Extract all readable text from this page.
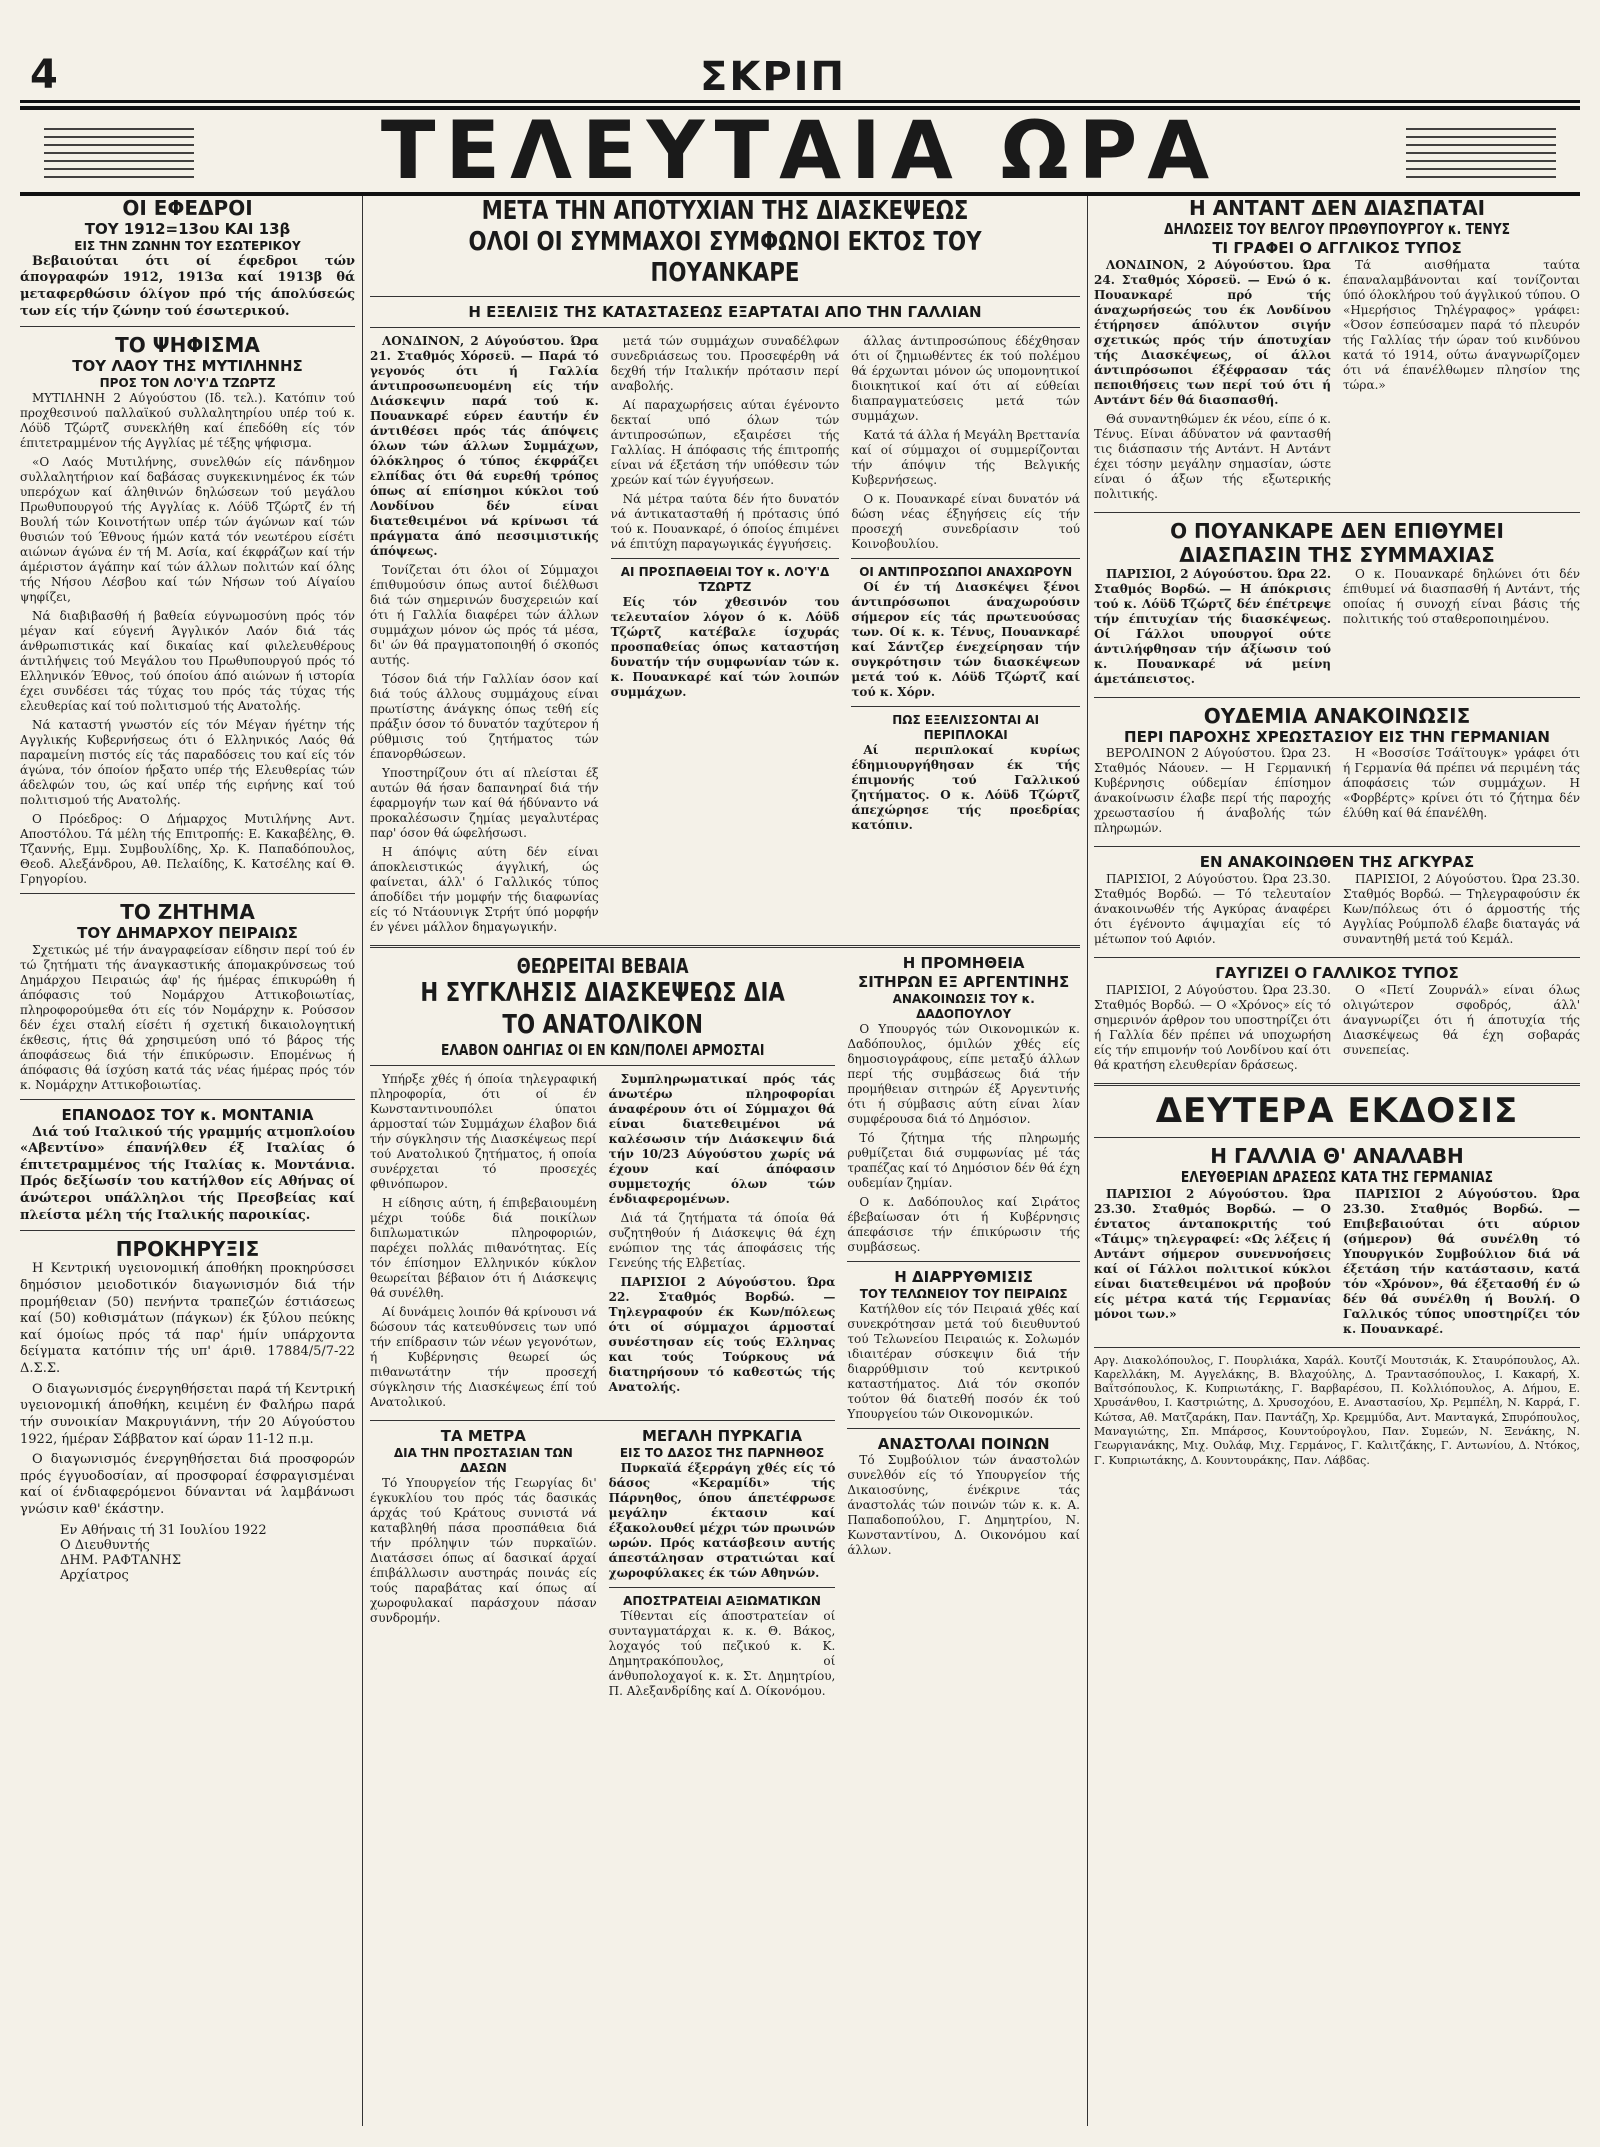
4	ΣΚΡΙΠ
ΤΕΛΕΥΤΑΙΑ ΩΡΑ
ΟΙ ΕΦΕΔΡΟΙ
ΤΟΥ 1912=13ου ΚΑΙ 13β
ΕΙΣ ΤΗΝ ΖΩΝΗΝ ΤΟΥ ΕΣΩΤΕΡΙΚΟΥ

Βεβαιούται ότι οί έφεδροι τών άπογραφών 1912, 1913α καί 1913β θά μεταφερθώσιν όλίγον πρό τής άπολύσεώς των είς τήν ζώνην τού έσωτερικού.

ΤΟ ΨΗΦΙΣΜΑ
ΤΟΥ ΛΑΟΥ ΤΗΣ ΜΥΤΙΛΗΝΗΣ
ΠΡΟΣ ΤΟΝ ΛΟ'Υ'Δ ΤΖΩΡΤΖ

ΜΥΤΙΛΗΝΗ 2 Αύγούστου (Ιδ. τελ.). Κατόπιν τού προχθεσινού παλλαϊκού συλλαλητηρίου υπέρ τού κ. Λόϋδ Τζώρτζ συνεκλήθη καί έπεδόθη είς τόν έπιτετραμμένον τής Αγγλίας μέ τέξης ψήφισμα.

«Ο Λαός Μυτιλήνης, συνελθών είς πάνδημον συλλαλητήριον καί δαβάσας συγκεκινημένος έκ τών υπερόχων καί άληθινών δηλώσεων τού μεγάλου Πρωθυπουργού τής Αγγλίας κ. Λόϋδ Τζώρτζ έν τή Βουλή τών Κοινοτήτων υπέρ τών άγώνων καί τών θυσιών τού Έθνους ήμών κατά τόν νεωτέρου είσέτι αιώνων άγώνα έν τή Μ. Ασία, καί έκφράζων καί τήν άμέριστον άγάπην καί τών άλλων πολιτών καί όλης τής Νήσου Λέσβου καί τών Νήσων τού Αίγαίου ψηφίζει,

Νά διαβιβασθή ή βαθεία εύγνωμοσύνη πρός τόν μέγαν καί εύγενή Άγγλικόν Λαόν διά τάς άνθρωπιστικάς καί δικαίας καί φιλελευθέρους άντιλήψεις τού Μεγάλου του Πρωθυπουργού πρός τό Ελληνικόν Έθνος, τού όποίου άπό αιώνων ή ιστορία έχει συνδέσει τάς τύχας του πρός τάς τύχας τής ελευθερίας καί τού πολιτισμού τής Ανατολής.

Νά καταστή γνωστόν είς τόν Μέγαν ήγέτην τής Αγγλικής Κυβερνήσεως ότι ό Ελληνικός Λαός θά παραμείνη πιστός είς τάς παραδόσεις του καί είς τόν άγώνα, τόν όποίον ήρξατο υπέρ τής Ελευθερίας τών άδελφών του, ώς καί υπέρ τής ειρήνης καί τού πολιτισμού τής Ανατολής.

Ο Πρόεδρος: Ο Δήμαρχος Μυτιλήνης Αντ. Αποστόλου. Τά μέλη τής Επιτροπής: Ε. Κακαβέλης, Θ. Τζαννής, Εμμ. Συμβουλίδης, Χρ. Κ. Παπαδόπουλος, Θεοδ. Αλεξάνδρου, Αθ. Πελαίδης, Κ. Κατσέλης καί Θ. Γρηγορίου.

ΤΟ ΖΗΤΗΜΑ
ΤΟΥ ΔΗΜΑΡΧΟΥ ΠΕΙΡΑΙΩΣ

Σχετικώς μέ τήν άναγραφείσαν είδησιν περί τού έν τώ ζητήματι τής άναγκαστικής άπομακρύνσεως τού Δημάρχου Πειραιώς άφ' ής ήμέρας έπικυρώθη ή άπόφασις τού Νομάρχου Αττικοβοιωτίας, πληροφορούμεθα ότι είς τόν Νομάρχην κ. Ρούσσον δέν έχει σταλή είσέτι ή σχετική δικαιολογητική έκθεσις, ήτις θά χρησιμεύση υπό τό βάρος τής άποφάσεως διά τήν έπικύρωσιν. Επομένως ή άπόφασις θά ίσχύση κατά τάς νέας ήμέρας πρός τόν κ. Νομάρχην Αττικοβοιωτίας.

ΕΠΑΝΟΔΟΣ ΤΟΥ κ. ΜΟΝΤΑΝΙΑ

Διά τού Ιταλικού τής γραμμής ατμοπλοίου «Αβεντίνο» έπανήλθεν έξ Ιταλίας ό έπιτετραμμένος τής Ιταλίας κ. Μοντάνια. Πρός δεξίωσίν του κατήλθον είς Αθήνας οί άνώτεροι υπάλληλοι τής Πρεσβείας καί πλείστα μέλη τής Ιταλικής παροικίας.

ΠΡΟΚΗΡΥΞΙΣ

Η Κεντρική υγειονομική άποθήκη προκηρύσσει δημόσιον μειοδοτικόν διαγωνισμόν διά τήν προμήθειαν (50) πενήντα τραπεζών έστιάσεως καί (50) κοθισμάτων (πάγκων) έκ ξύλου πεύκης καί όμοίως πρός τά παρ' ήμίν υπάρχοντα δείγματα κατόπιν τής υπ' άριθ. 17884/5/7-22 Δ.Σ.Σ.

Ο διαγωνισμός ένεργηθήσεται παρά τή Κεντρική υγειονομική άποθήκη, κειμένη έν Φαλήρω παρά τήν συνοικίαν Μακρυγιάννη, τήν 20 Αύγούστου 1922, ήμέραν Σάββατον καί ώραν 11-12 π.μ.

Ο διαγωνισμός ένεργηθήσεται διά προσφορών πρός έγγυοδοσίαν, αί προσφοραί έσφραγισμέναι καί οί ένδιαφερόμενοι δύνανται νά λαμβάνωσι γνώσιν καθ' έκάστην.

Εν Αθήναις τή 31 Ιουλίου 1922
Ο Διευθυντής
ΔΗΜ. ΡΑΦΤΑΝΗΣ
Αρχίατρος
ΜΕΤΑ ΤΗΝ ΑΠΟΤΥΧΙΑΝ ΤΗΣ ΔΙΑΣΚΕΨΕΩΣ
ΟΛΟΙ ΟΙ ΣΥΜΜΑΧΟΙ ΣΥΜΦΩΝΟΙ ΕΚΤΟΣ ΤΟΥ ΠΟΥΑΝΚΑΡΕ
Η ΕΞΕΛΙΞΙΣ ΤΗΣ ΚΑΤΑΣΤΑΣΕΩΣ ΕΞΑΡΤΑΤΑΙ ΑΠΟ ΤΗΝ ΓΑΛΛΙΑΝ

ΛΟΝΔΙΝΟΝ, 2 Αύγούστου. Ώρα 21. Σταθμός Χόρσεϋ. — Παρά τό γεγονός ότι ή Γαλλία άντιπροσωπευομένη είς τήν Διάσκεψιν παρά τού κ. Πουανκαρέ εύρεν έαυτήν έν άντιθέσει πρός τάς άπόψεις όλων τών άλλων Συμμάχων, όλόκληρος ό τύπος έκφράζει ελπίδας ότι θά ευρεθή τρόπος όπως αί επίσημοι κύκλοι τού Λονδίνου δέν είναι διατεθειμένοι νά κρίνωσι τά πράγματα άπό πεσσιμιστικής άπόψεως.

Τονίζεται ότι όλοι οί Σύμμαχοι έπιθυμούσιν όπως αυτοί διέλθωσι διά τών σημερινών δυσχερειών καί ότι ή Γαλλία διαφέρει τών άλλων συμμάχων μόνον ώς πρός τά μέσα, δι' ών θά πραγματοποιηθή ό σκοπός αυτής.

Τόσον διά τήν Γαλλίαν όσον καί διά τούς άλλους συμμάχους είναι πρωτίστης άνάγκης όπως τεθή είς πράξιν όσον τό δυνατόν ταχύτερον ή ρύθμισις τού ζητήματος τών έπανορθώσεων.

Υποστηρίζουν ότι αί πλείσται έξ αυτών θά ήσαν δαπανηραί διά τήν έφαρμογήν των καί θά ήδύναντο νά προκαλέσωσιν ζημίας μεγαλυτέρας παρ' όσον θά ώφελήσωσι.

Η άπόψις αύτη δέν είναι άποκλειστικώς άγγλική, ώς φαίνεται, άλλ' ό Γαλλικός τύπος άποδίδει τήν μομφήν τής διαφωνίας είς τό Ντάουνιγκ Στρήτ ύπό μορφήν έν γένει μάλλον δημαγωγικήν.

μετά τών συμμάχων συναδέλφων συνεδριάσεως του. Προσεφέρθη νά δεχθή τήν Ιταλικήν πρότασιν περί αναβολής.

Αί παραχωρήσεις αύται έγένοντο δεκταί υπό όλων τών άντιπροσώπων, εξαιρέσει τής Γαλλίας. Η άπόφασις τής έπιτροπής είναι νά έξετάση τήν υπόθεσιν τών χρεών καί τών έγγυήσεων.

Νά μέτρα ταύτα δέν ήτο δυνατόν νά άντικατασταθή ή πρότασις ύπό τού κ. Πουανκαρέ, ό όποίος έπιμένει νά έπιτύχη παραγωγικάς έγγυήσεις.

ΑΙ ΠΡΟΣΠΑΘΕΙΑΙ ΤΟΥ κ. ΛΟ'Υ'Δ ΤΖΩΡΤΖ

Είς τόν χθεσινόν του τελευταίον λόγον ό κ. Λόϋδ Τζώρτζ κατέβαλε ίσχυράς προσπαθείας όπως καταστήση δυνατήν τήν συμφωνίαν τών κ. κ. Πουανκαρέ καί τών λοιπών συμμάχων.

άλλας άντιπροσώπους έδέχθησαν ότι οί ζημιωθέντες έκ τού πολέμου θά έρχωνται μόνον ώς υπομονητικοί διοικητικοί καί ότι αί εύθείαι διαπραγματεύσεις μετά τών συμμάχων.

Κατά τά άλλα ή Μεγάλη Βρεττανία καί οί σύμμαχοι οί συμμερίζονται τήν άπόψιν τής Βελγικής Κυβερνήσεως.

Ο κ. Πουανκαρέ είναι δυνατόν νά δώση νέας έξηγήσεις είς τήν προσεχή συνεδρίασιν τού Κοινοβουλίου.

ΟΙ ΑΝΤΙΠΡΟΣΩΠΟΙ ΑΝΑΧΩΡΟΥΝ

Οί έν τή Διασκέψει ξένοι άντιπρόσωποι άναχωρούσιν σήμερον είς τάς πρωτευούσας των. Οί κ. κ. Τένυς, Πουανκαρέ καί Σάντζερ ένεχείρησαν τήν συγκρότησιν τών διασκέψεων μετά τού κ. Λόϋδ Τζώρτζ καί τού κ. Χόρν.

ΠΩΣ ΕΞΕΛΙΣΣΟΝΤΑΙ ΑΙ ΠΕΡΙΠΛΟΚΑΙ

Αί περιπλοκαί κυρίως έδημιουργήθησαν έκ τής έπιμονής τού Γαλλικού ζητήματος. Ο κ. Λόϋδ Τζώρτζ άπεχώρησε τής προεδρίας κατόπιν.

ΘΕΩΡΕΙΤΑΙ ΒΕΒΑΙΑ
Η ΣΥΓΚΛΗΣΙΣ ΔΙΑΣΚΕΨΕΩΣ ΔΙΑ ΤΟ ΑΝΑΤΟΛΙΚΟΝ
ΕΛΑΒΟΝ ΟΔΗΓΙΑΣ ΟΙ ΕΝ ΚΩΝ/ΠΟΛΕΙ ΑΡΜΟΣΤΑΙ

Υπήρξε χθές ή όποία τηλεγραφική πληροφορία, ότι οί έν Κωνσταντινουπόλει ύπατοι άρμοσταί τών Συμμάχων έλαβον διά τήν σύγκλησιν τής Διασκέψεως περί τού Ανατολικού ζητήματος, ή οποία συνέρχεται τό προσεχές φθινόπωρον.

Η είδησις αύτη, ή έπιβεβαιουμένη μέχρι τούδε διά ποικίλων διπλωματικών πληροφοριών, παρέχει πολλάς πιθανότητας. Είς τόν έπίσημον Ελληνικόν κύκλον θεωρείται βέβαιον ότι ή Διάσκεψις θά συνέλθη.

Αί δυνάμεις λοιπόν θά κρίνουσι νά δώσουν τάς κατευθύνσεις των υπό τήν επίδρασιν τών νέων γεγονότων, ή Κυβέρνησις θεωρεί ώς πιθανωτάτην τήν προσεχή σύγκλησιν τής Διασκέψεως έπί τού Ανατολικού.

Συμπληρωματικαί πρός τάς άνωτέρω πληροφορίαι άναφέρουν ότι οί Σύμμαχοι θά είναι διατεθειμένοι νά καλέσωσιν τήν Διάσκεψιν διά τήν 10/23 Αύγούστου χωρίς νά έχουν καί άπόφασιν συμμετοχής όλων τών ένδιαφερομένων.

Διά τά ζητήματα τά όποία θά συζητηθούν ή Διάσκεψις θά έχη ενώπιον της τάς άποφάσεις τής Γενεύης τής Ελβετίας.

ΠΑΡΙΣΙΟΙ 2 Αύγούστου. Ώρα 22. Σταθμός Βορδώ. — Τηλεγραφούν έκ Κων/πόλεως ότι οί σύμμαχοι άρμοσταί συνέστησαν είς τούς Ελληνας και τούς Τούρκους νά διατηρήσουν τό καθεστώς τής Ανατολής.

ΤΑ ΜΕΤΡΑ
ΔΙΑ ΤΗΝ ΠΡΟΣΤΑΣΙΑΝ ΤΩΝ ΔΑΣΩΝ

Τό Υπουργείον τής Γεωργίας δι' έγκυκλίου του πρός τάς δασικάς άρχάς τού Κράτους συνιστά νά καταβληθή πάσα προσπάθεια διά τήν πρόληψιν τών πυρκαϊών. Διατάσσει όπως αί δασικαί άρχαί έπιβάλλωσιν αυστηράς ποινάς είς τούς παραβάτας καί όπως αί χωροφυλακαί παράσχουν πάσαν συνδρομήν.

ΜΕΓΑΛΗ ΠΥΡΚΑΓΙΑ
ΕΙΣ ΤΟ ΔΑΣΟΣ ΤΗΣ ΠΑΡΝΗΘΟΣ

Πυρκαϊά έξερράγη χθές είς τό δάσος «Κεραμίδι» τής Πάρνηθος, όπου άπετέφρωσε μεγάλην έκτασιν καί έξακολουθεί μέχρι τών πρωινών ωρών. Πρός κατάσβεσιν αυτής άπεστάλησαν στρατιώται καί χωροφύλακες έκ τών Αθηνών.

ΑΠΟΣΤΡΑΤΕΙΑΙ ΑΞΙΩΜΑΤΙΚΩΝ

Τίθενται είς άποστρατείαν οί συνταγματάρχαι κ. κ. Θ. Βάκος, λοχαγός τού πεζικού κ. Κ. Δημητρακόπουλος, οί άνθυπολοχαγοί κ. κ. Στ. Δημητρίου, Π. Αλεξανδρίδης καί Δ. Οίκονόμου.

Η ΠΡΟΜΗΘΕΙΑ
ΣΙΤΗΡΩΝ ΕΞ ΑΡΓΕΝΤΙΝΗΣ
ΑΝΑΚΟΙΝΩΣΙΣ ΤΟΥ κ. ΔΑΔΟΠΟΥΛΟΥ

Ο Υπουργός τών Οικονομικών κ. Δαδόπουλος, όμιλών χθές είς δημοσιογράφους, είπε μεταξύ άλλων περί τής συμβάσεως διά τήν προμήθειαν σιτηρών έξ Αργεντινής ότι ή σύμβασις αύτη είναι λίαν συμφέρουσα διά τό Δημόσιον.

Τό ζήτημα τής πληρωμής ρυθμίζεται διά συμφωνίας μέ τάς τραπέζας καί τό Δημόσιον δέν θά έχη ουδεμίαν ζημίαν.

Ο κ. Δαδόπουλος καί Σιράτος έβεβαίωσαν ότι ή Κυβέρνησις άπεφάσισε τήν έπικύρωσιν τής συμβάσεως.

Η ΔΙΑΡΡΥΘΜΙΣΙΣ
ΤΟΥ ΤΕΛΩΝΕΙΟΥ ΤΟΥ ΠΕΙΡΑΙΩΣ

Κατήλθον είς τόν Πειραιά χθές καί συνεκρότησαν μετά τού διευθυντού τού Τελωνείου Πειραιώς κ. Σολωμόν ιδιαιτέραν σύσκεψιν διά τήν διαρρύθμισιν τού κεντρικού καταστήματος. Διά τόν σκοπόν τούτον θά διατεθή ποσόν έκ τού Υπουργείου τών Οικονομικών.

ΑΝΑΣΤΟΛΑΙ ΠΟΙΝΩΝ

Τό Συμβούλιον τών άναστολών συνελθόν είς τό Υπουργείον τής Δικαιοσύνης, ένέκρινε τάς άναστολάς τών ποινών τών κ. κ. Α. Παπαδοπούλου, Γ. Δημητρίου, Ν. Κωνσταντίνου, Δ. Οικονόμου καί άλλων.

Η ΑΝΤΑΝΤ ΔΕΝ ΔΙΑΣΠΑΤΑΙ
ΔΗΛΩΣΕΙΣ ΤΟΥ ΒΕΛΓΟΥ ΠΡΩΘΥΠΟΥΡΓΟΥ κ. ΤΕΝΥΣ
ΤΙ ΓΡΑΦΕΙ Ο ΑΓΓΛΙΚΟΣ ΤΥΠΟΣ

ΛΟΝΔΙΝΟΝ, 2 Αύγούστου. Ώρα 24. Σταθμός Χόρσεϋ. — Ενώ ό κ. Πουανκαρέ πρό τής άναχωρήσεώς του έκ Λονδίνου έτήρησεν άπόλυτον σιγήν σχετικώς πρός τήν άποτυχίαν τής Διασκέψεως, οί άλλοι άντιπρόσωποι έξέφρασαν τάς πεποιθήσεις των περί τού ότι ή Αντάντ δέν θά διασπασθή.

Θά συναντηθώμεν έκ νέου, είπε ό κ. Τένυς. Είναι άδύνατον νά φαντασθή τις διάσπασιν τής Αντάντ. Η Αντάντ έχει τόσην μεγάλην σημασίαν, ώστε είναι ό άξων τής εξωτερικής πολιτικής.

Τά αισθήματα ταύτα έπαναλαμβάνονται καί τονίζονται ύπό όλοκλήρου τού άγγλικού τύπου. Ο «Ημερήσιος Τηλέγραφος» γράφει: «Όσον έσπεύσαμεν παρά τό πλευρόν τής Γαλλίας τήν ώραν τού κινδύνου κατά τό 1914, ούτω άναγνωρίζομεν ότι νά έπανέλθωμεν πλησίον της τώρα.»

Ο ΠΟΥΑΝΚΑΡΕ ΔΕΝ ΕΠΙΘΥΜΕΙ
ΔΙΑΣΠΑΣΙΝ ΤΗΣ ΣΥΜΜΑΧΙΑΣ

ΠΑΡΙΣΙΟΙ, 2 Αύγούστου. Ώρα 22. Σταθμός Βορδώ. — Η άπόκρισις τού κ. Λόϋδ Τζώρτζ δέν έπέτρεψε τήν έπιτυχίαν τής διασκέψεως. Οί Γάλλοι υπουργοί ούτε άντιλήφθησαν τήν άξίωσιν τού κ. Πουανκαρέ νά μείνη άμετάπειστος.

Ο κ. Πουανκαρέ δηλώνει ότι δέν έπιθυμεί νά διασπασθή ή Αντάντ, τής οποίας ή συνοχή είναι βάσις τής πολιτικής τού σταθεροποιημένου.

ΟΥΔΕΜΙΑ ΑΝΑΚΟΙΝΩΣΙΣ
ΠΕΡΙ ΠΑΡΟΧΗΣ ΧΡΕΩΣΤΑΣΙΟΥ ΕΙΣ ΤΗΝ ΓΕΡΜΑΝΙΑΝ

ΒΕΡΟΛΙΝΟΝ 2 Αύγούστου. Ώρα 23. Σταθμός Νάουεν. — Η Γερμανική Κυβέρνησις ούδεμίαν έπίσημον άνακοίνωσιν έλαβε περί τής παροχής χρεωστασίου ή άναβολής τών πληρωμών.

Η «Βοσσίσε Τσάϊτουγκ» γράφει ότι ή Γερμανία θά πρέπει νά περιμένη τάς άποφάσεις τών συμμάχων. Η «Φορβέρτς» κρίνει ότι τό ζήτημα δέν έλύθη καί θά έπανέλθη.

ΕΝ ΑΝΑΚΟΙΝΩΘΕΝ ΤΗΣ ΑΓΚΥΡΑΣ

ΠΑΡΙΣΙΟΙ, 2 Αύγούστου. Ώρα 23.30. Σταθμός Βορδώ. — Τό τελευταίον άνακοινωθέν τής Αγκύρας άναφέρει ότι έγένοντο άψιμαχίαι είς τό μέτωπον τού Αφιόν.

ΠΑΡΙΣΙΟΙ, 2 Αύγούστου. Ώρα 23.30. Σταθμός Βορδώ. — Τηλεγραφούσιν έκ Κων/πόλεως ότι ό άρμοστής τής Αγγλίας Ρούμπολδ έλαβε διαταγάς νά συναντηθή μετά τού Κεμάλ.

ΓΑΥΓΙΖΕΙ Ο ΓΑΛΛΙΚΟΣ ΤΥΠΟΣ

ΠΑΡΙΣΙΟΙ, 2 Αύγούστου. Ώρα 23.30. Σταθμός Βορδώ. — Ο «Χρόνος» είς τό σημερινόν άρθρον του υποστηρίζει ότι ή Γαλλία δέν πρέπει νά υποχωρήση είς τήν επιμονήν τού Λονδίνου καί ότι θά κρατήση ελευθερίαν δράσεως.

Ο «Πετί Ζουρνάλ» είναι όλως ολιγώτερον σφοδρός, άλλ' άναγνωρίζει ότι ή άποτυχία τής Διασκέψεως θά έχη σοβαράς συνεπείας.

ΔΕΥΤΕΡΑ ΕΚΔΟΣΙΣ
Η ΓΑΛΛΙΑ Θ' ΑΝΑΛΑΒΗ
ΕΛΕΥΘΕΡΙΑΝ ΔΡΑΣΕΩΣ ΚΑΤΑ ΤΗΣ ΓΕΡΜΑΝΙΑΣ

ΠΑΡΙΣΙΟΙ 2 Αύγούστου. Ώρα 23.30. Σταθμός Βορδώ. — Ο έντατος άνταποκριτής τού «Τάιμς» τηλεγραφεί: «Ως λέξεις ή Αντάντ σήμερον συνεννοήσεις καί οί Γάλλοι πολιτικοί κύκλοι είναι διατεθειμένοι νά προβούν είς μέτρα κατά τής Γερμανίας μόνοι των.»

ΠΑΡΙΣΙΟΙ 2 Αύγούστου. Ώρα 23.30. Σταθμός Βορδώ. — Επιβεβαιούται ότι αύριον (σήμερον) θά συνέλθη τό Υπουργικόν Συμβούλιον διά νά έξετάση τήν κατάστασιν, κατά τόν «Χρόνον», θά έξετασθή έν ώ δέν θά συνέλθη ή Βουλή. Ο Γαλλικός τύπος υποστηρίζει τόν κ. Πουανκαρέ.

Αργ. Διακολόπουλος, Γ. Πουρλιάκα, Χαράλ. Κουτζί Μουτσιάκ, Κ. Σταυρόπουλος, Αλ. Καρελλάκη, Μ. Αγγελάκης, Β. Βλαχούλης, Δ. Τραντασόπουλος, Ι. Κακαρή, Χ. Βαΐτσόπουλος, Κ. Κυπριωτάκης, Γ. Βαρβαρέσου, Π. Κολλιόπουλος, Α. Δήμου, Ε. Χρυσάνθου, Ι. Καστριώτης, Δ. Χρυσοχόου, Ε. Αναστασίου, Χρ. Ρεμπέλη, Ν. Καρρά, Γ. Κώτσα, Αθ. Ματζαράκη, Παν. Παντάζη, Χρ. Κρεμμύδα, Αντ. Μανταγκά, Σπυρόπουλος, Μαναγιώτης, Σπ. Μπάρσος, Κουντούρογλου, Παν. Συμεών, Ν. Ξενάκης, Ν. Γεωργιανάκης, Μιχ. Ουλάφ, Μιχ. Γερμάνος, Γ. Καλιτζάκης, Γ. Αντωνίου, Δ. Ντόκος, Γ. Κυπριωτάκης, Δ. Κουντουράκης, Παν. Λάβδας.
